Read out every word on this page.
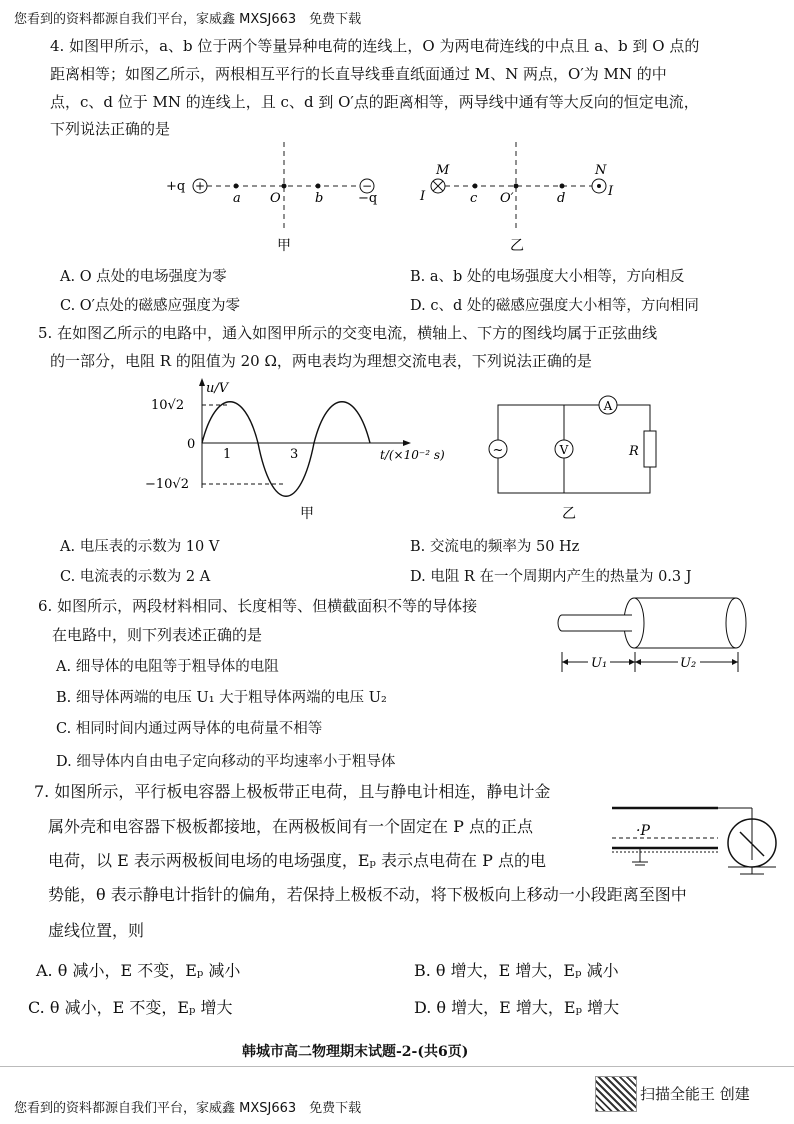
您看到的资料都源自我们平台，家威鑫 MXSJ663　免费下载
4. 如图甲所示，a、b 位于两个等量异种电荷的连线上，O 为两电荷连线的中点且 a、b 到 O 点的
距离相等；如图乙所示，两根相互平行的长直导线垂直纸面通过 M、N 两点，O′为 MN 的中
点，c、d 位于 MN 的连线上，且 c、d 到 O′点的距离相等，两导线中通有等大反向的恒定电流，
下列说法正确的是
+	−
+q
a O	b	−q
甲
M
I	c O′	d
N
I
乙
A. O 点处的电场强度为零	B. a、b 处的电场强度大小相等，方向相反
C. O′点处的磁感应强度为零	D. c、d 处的磁感应强度大小相等，方向相同
5. 在如图乙所示的电路中，通入如图甲所示的交变电流，横轴上、下方的图线均属于正弦曲线
的一部分，电阻 R 的阻值为 20 Ω，两电表均为理想交流电表，下列说法正确的是
u/V
10√2
0
−10√2
1	3	t/(×10⁻² s)
甲
~	V
A
R
乙
A. 电压表的示数为 10 V	B. 交流电的频率为 50 Hz
C. 电流表的示数为 2 A	D. 电阻 R 在一个周期内产生的热量为 0.3 J
6. 如图所示，两段材料相同、长度相等、但横截面积不等的导体接
在电路中，则下列表述正确的是
U₁	U₂
A. 细导体的电阻等于粗导体的电阻
B. 细导体两端的电压 U₁ 大于粗导体两端的电压 U₂
C. 相同时间内通过两导体的电荷量不相等
D. 细导体内自由电子定向移动的平均速率小于粗导体
7. 如图所示，平行板电容器上极板带正电荷，且与静电计相连，静电计金
属外壳和电容器下极板都接地，在两极板间有一个固定在 P 点的正点
电荷，以 E 表示两极板间电场的电场强度，Eₚ 表示点电荷在 P 点的电
势能，θ 表示静电计指针的偏角，若保持上极板不动，将下极板向上移动一小段距离至图中
虚线位置，则
·P
A. θ 减小，E 不变，Eₚ 减小	B. θ 增大，E 增大，Eₚ 减小
C. θ 减小，E 不变，Eₚ 增大	D. θ 增大，E 增大，Eₚ 增大
韩城市高二物理期末试题-2-(共6页)
您看到的资料都源自我们平台，家威鑫 MXSJ663　免费下载
扫描全能王 创建
